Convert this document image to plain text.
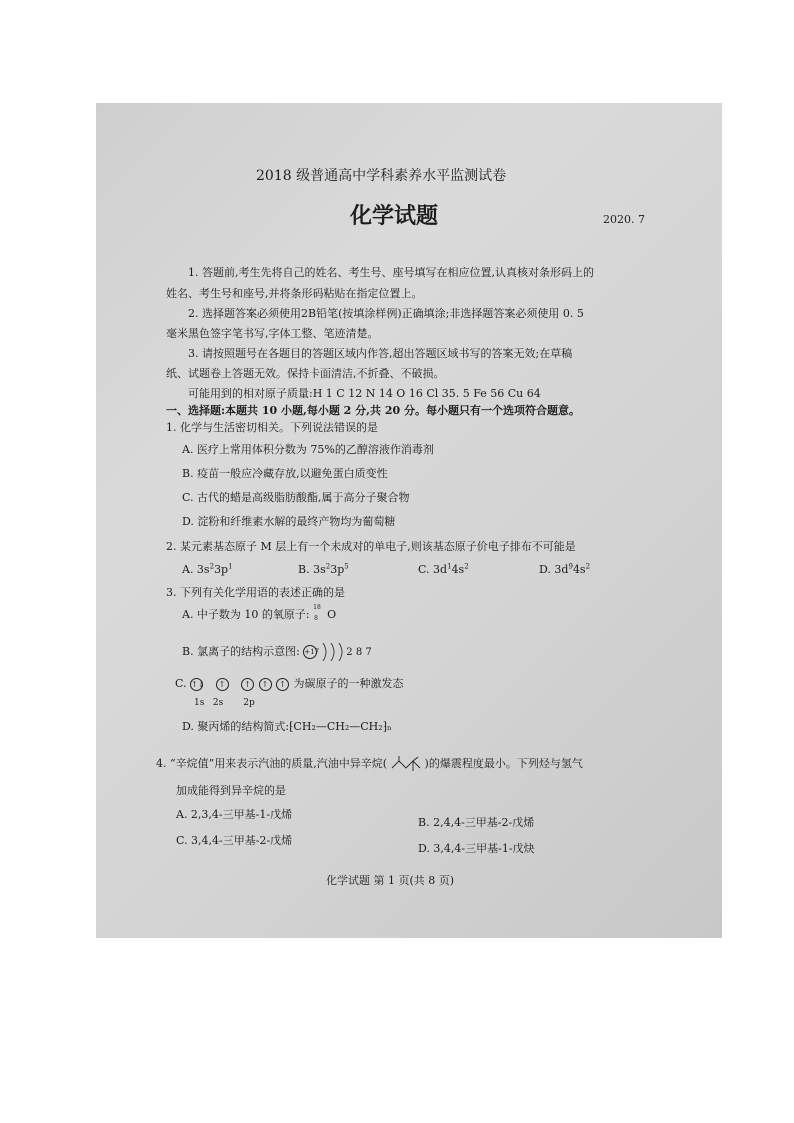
2018 级普通高中学科素养水平监测试卷
化学试题	2020. 7
1. 答题前,考生先将自己的姓名、考生号、座号填写在相应位置,认真核对条形码上的
姓名、考生号和座号,并将条形码粘贴在指定位置上。
2. 选择题答案必须使用2B铅笔(按填涂样例)正确填涂;非选择题答案必须使用 0. 5
毫米黑色签字笔书写,字体工整、笔迹清楚。
3. 请按照题号在各题目的答题区域内作答,超出答题区域书写的答案无效;在草稿
纸、试题卷上答题无效。保持卡面清洁,不折叠、不破损。
可能用到的相对原子质量:H 1 C 12 N 14 O 16 Cl 35. 5 Fe 56 Cu 64
一、选择题:本题共 10 小题,每小题 2 分,共 20 分。每小题只有一个选项符合题意。
1. 化学与生活密切相关。下列说法错误的是
A. 医疗上常用体积分数为 75%的乙醇溶液作消毒剂
B. 疫苗一般应冷藏存放,以避免蛋白质变性
C. 古代的蜡是高级脂肪酸酯,属于高分子聚合物
D. 淀粉和纤维素水解的最终产物均为葡萄糖
2. 某元素基态原子 M 层上有一个未成对的单电子,则该基态原子价电子排布不可能是
A. $3s^23p^1$	B. $3s^23p^5$	C. $3d^14s^2$	D. $3d^94s^2$
3. 下列有关化学用语的表述正确的是
A. 中子数为 10 的氧原子:
18
8 O
B. 氯离子的结构示意图: +17	2 8 7
C. ↑↓ ↑ ↑ ↑ ↑ 为碳原子的一种激发态
1s   2s       2p
D. 聚丙烯的结构简式:⁅CH₂—CH₂—CH₂⁆ₙ
4. “辛烷值”用来表示汽油的质量,汽油中异辛烷(	)的爆震程度最小。下列烃与氢气
加成能得到异辛烷的是
A. 2,3,4-三甲基-1-戊烯
B. 2,4,4-三甲基-2-戊烯
C. 3,4,4-三甲基-2-戊烯
D. 3,4,4-三甲基-1-戊炔
化学试题 第 1 页(共 8 页)
